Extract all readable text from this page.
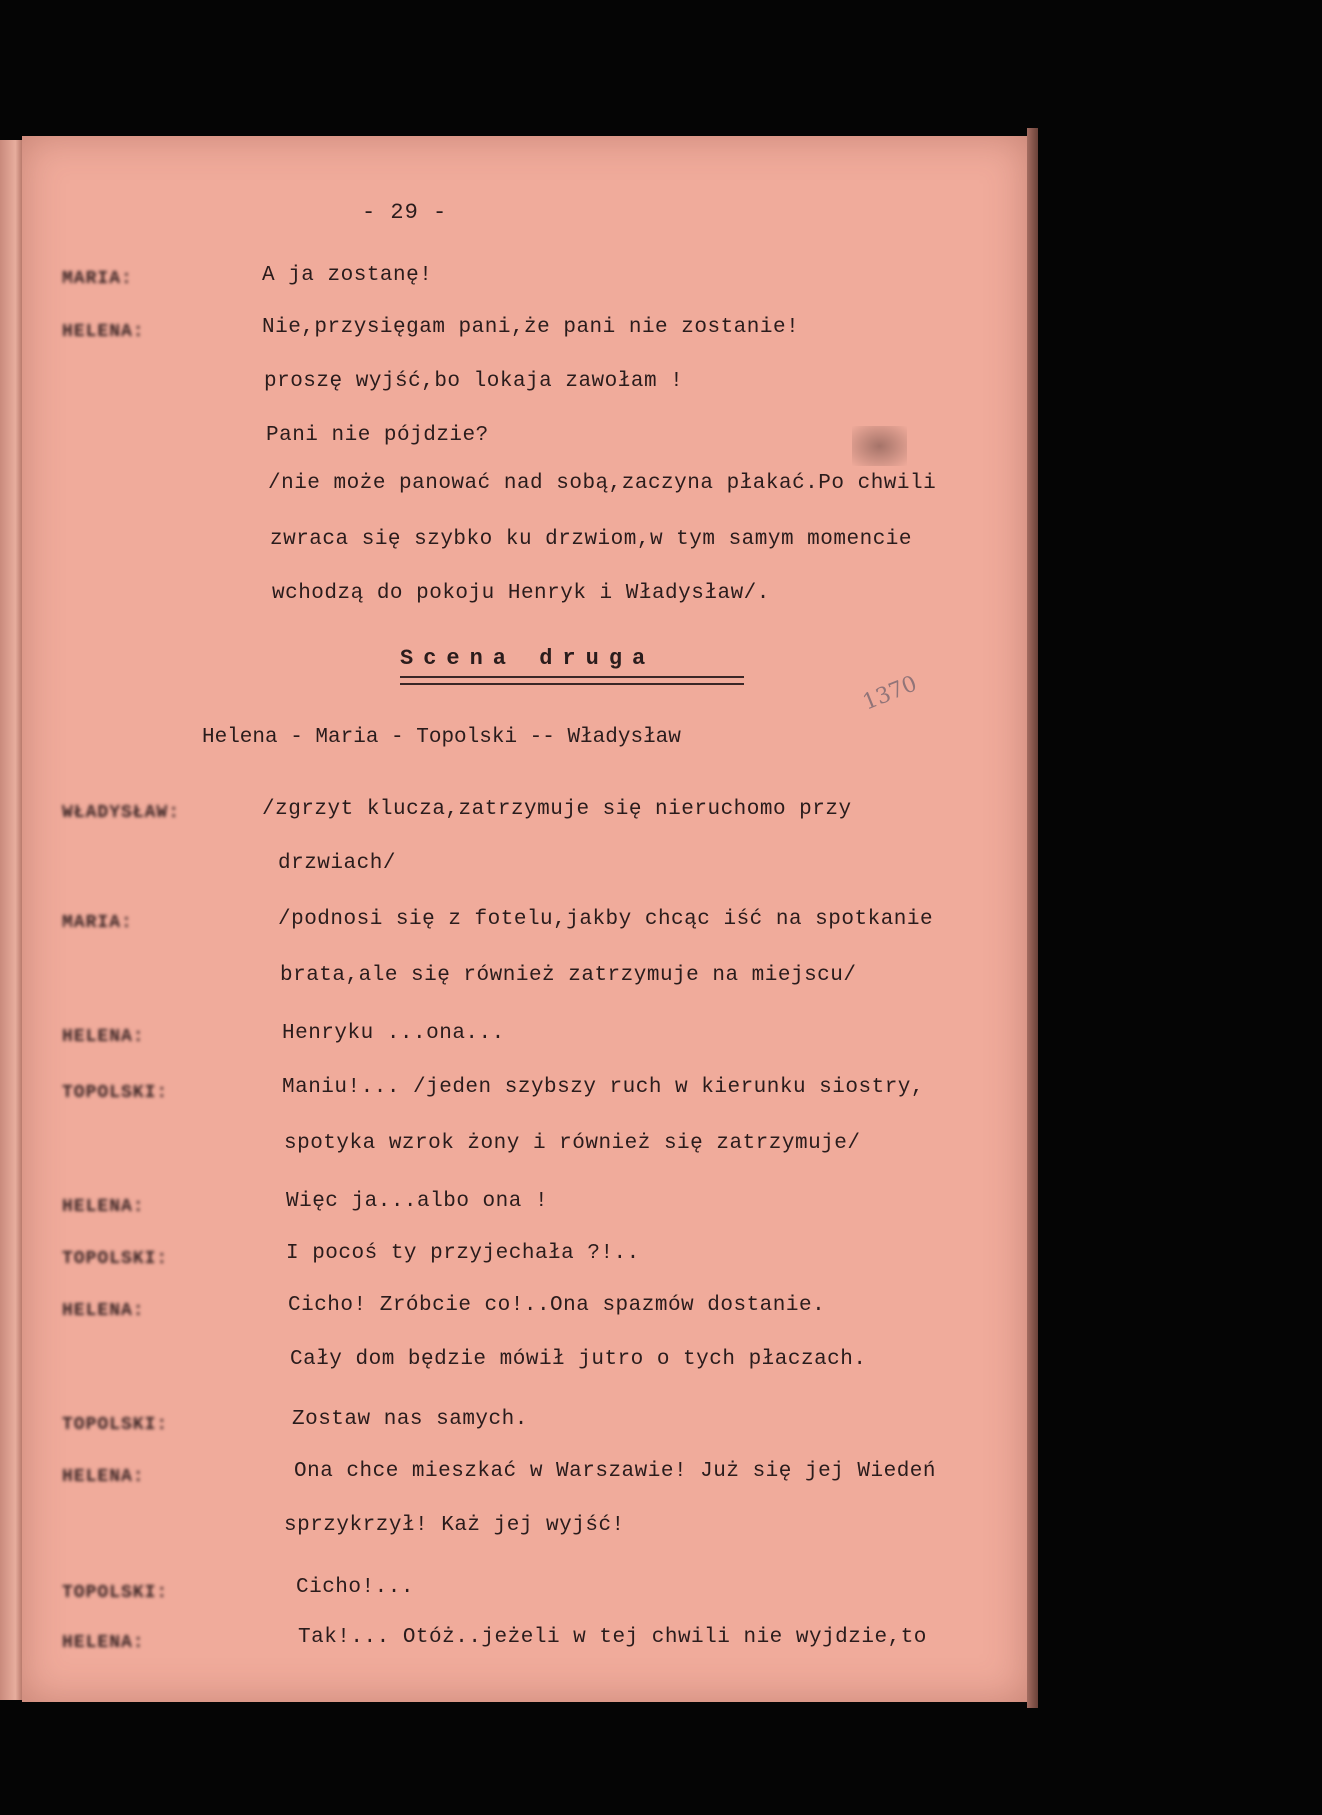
- 29 -
MARIA:	A ja zostanę!
HELENA:	Nie,przysięgam pani,że pani nie zostanie!
proszę wyjść,bo lokaja zawołam !
Pani nie pójdzie?
/nie może panować nad sobą,zaczyna płakać.Po chwili
zwraca się szybko ku drzwiom,w tym samym momencie
wchodzą do pokoju Henryk i Władysław/.
Scena druga
1370
Helena - Maria - Topolski -- Władysław
WŁADYSŁAW:	/zgrzyt klucza,zatrzymuje się nieruchomo przy
drzwiach/
MARIA:	/podnosi się z fotelu,jakby chcąc iść na spotkanie
brata,ale się również zatrzymuje na miejscu/
HELENA:	Henryku ...ona...
TOPOLSKI:	Maniu!... /jeden szybszy ruch w kierunku siostry,
spotyka wzrok żony i również się zatrzymuje/
HELENA:	Więc ja...albo ona !
TOPOLSKI:	I pocoś ty przyjechała ?!..
HELENA:	Cicho! Zróbcie co!..Ona spazmów dostanie.
Cały dom będzie mówił jutro o tych płaczach.
TOPOLSKI:	Zostaw nas samych.
HELENA:	Ona chce mieszkać w Warszawie! Już się jej Wiedeń
sprzykrzył! Każ jej wyjść!
TOPOLSKI:	Cicho!...
HELENA:	Tak!... Otóż..jeżeli w tej chwili nie wyjdzie,to
